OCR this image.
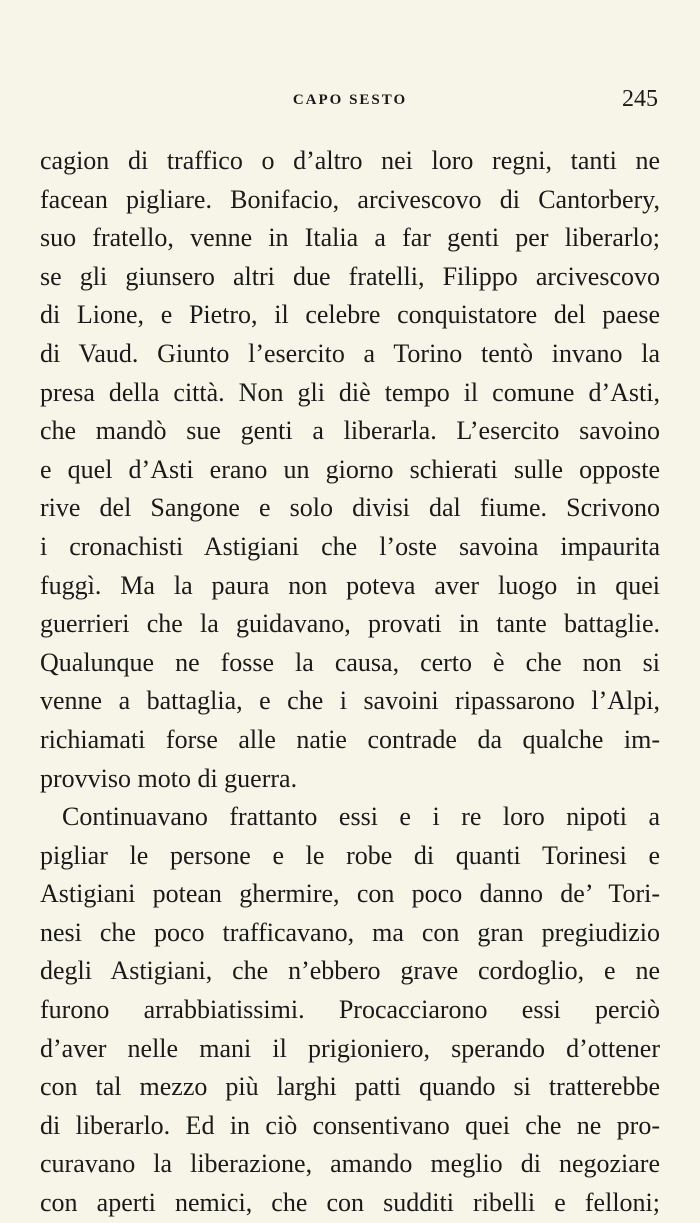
CAPO SESTO	245
cagion di traffico o d’altro nei loro regni, tanti ne
facean pigliare. Bonifacio, arcivescovo di Cantorbery,
suo fratello, venne in Italia a far genti per liberarlo;
se gli giunsero altri due fratelli, Filippo arcivescovo
di Lione, e Pietro, il celebre conquistatore del paese
di Vaud. Giunto l’esercito a Torino tentò invano la
presa della città. Non gli diè tempo il comune d’Asti,
che mandò sue genti a liberarla. L’esercito savoino
e quel d’Asti erano un giorno schierati sulle opposte
rive del Sangone e solo divisi dal fiume. Scrivono
i cronachisti Astigiani che l’oste savoina impaurita
fuggì. Ma la paura non poteva aver luogo in quei
guerrieri che la guidavano, provati in tante battaglie.
Qualunque ne fosse la causa, certo è che non si
venne a battaglia, e che i savoini ripassarono l’Alpi,
richiamati forse alle natie contrade da qualche im-
provviso moto di guerra.
Continuavano frattanto essi e i re loro nipoti a
pigliar le persone e le robe di quanti Torinesi e
Astigiani potean ghermire, con poco danno de’ Tori-
nesi che poco trafficavano, ma con gran pregiudizio
degli Astigiani, che n’ebbero grave cordoglio, e ne
furono arrabbiatissimi. Procacciarono essi perciò
d’aver nelle mani il prigioniero, sperando d’ottener
con tal mezzo più larghi patti quando si tratterebbe
di liberarlo. Ed in ciò consentivano quei che ne pro-
curavano la liberazione, amando meglio di negoziare
con aperti nemici, che con sudditi ribelli e felloni;
